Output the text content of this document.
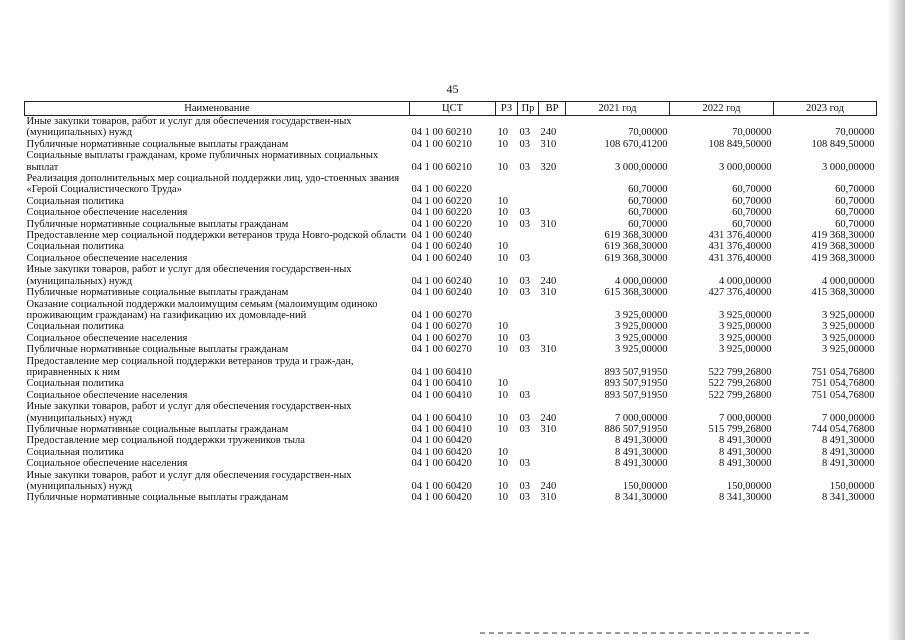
45
Наименование	ЦСТ	РЗ	Пр	ВР	2021 год	2022 год	2023 год
Иные закупки товаров, работ и услуг для обеспечения государствен-ных (муниципальных) нужд	04 1 00 60210	10	03	240	70,00000	70,00000	70,00000
Публичные нормативные социальные выплаты гражданам	04 1 00 60210	10	03	310	108 670,41200	108 849,50000	108 849,50000
Социальные выплаты гражданам, кроме публичных нормативных социальных выплат	04 1 00 60210	10	03	320	3 000,00000	3 000,00000	3 000,00000
Реализация дополнительных мер социальной поддержки лиц, удо-стоенных звания «Герой Социалистического Труда»	04 1 00 60220				60,70000	60,70000	60,70000
Социальная политика	04 1 00 60220	10			60,70000	60,70000	60,70000
Социальное обеспечение населения	04 1 00 60220	10	03		60,70000	60,70000	60,70000
Публичные нормативные социальные выплаты гражданам	04 1 00 60220	10	03	310	60,70000	60,70000	60,70000
Предоставление мер социальной поддержки ветеранов труда Новго-родской области	04 1 00 60240				619 368,30000	431 376,40000	419 368,30000
Социальная политика	04 1 00 60240	10			619 368,30000	431 376,40000	419 368,30000
Социальное обеспечение населения	04 1 00 60240	10	03		619 368,30000	431 376,40000	419 368,30000
Иные закупки товаров, работ и услуг для обеспечения государствен-ных (муниципальных) нужд	04 1 00 60240	10	03	240	4 000,00000	4 000,00000	4 000,00000
Публичные нормативные социальные выплаты гражданам	04 1 00 60240	10	03	310	615 368,30000	427 376,40000	415 368,30000
Оказание социальной поддержки малоимущим семьям (малоимущим одиноко проживающим гражданам) на газификацию их домовладе-ний	04 1 00 60270				3 925,00000	3 925,00000	3 925,00000
Социальная политика	04 1 00 60270	10			3 925,00000	3 925,00000	3 925,00000
Социальное обеспечение населения	04 1 00 60270	10	03		3 925,00000	3 925,00000	3 925,00000
Публичные нормативные социальные выплаты гражданам	04 1 00 60270	10	03	310	3 925,00000	3 925,00000	3 925,00000
Предоставление мер социальной поддержки ветеранов труда и граж-дан, приравненных к ним	04 1 00 60410				893 507,91950	522 799,26800	751 054,76800
Социальная политика	04 1 00 60410	10			893 507,91950	522 799,26800	751 054,76800
Социальное обеспечение населения	04 1 00 60410	10	03		893 507,91950	522 799,26800	751 054,76800
Иные закупки товаров, работ и услуг для обеспечения государствен-ных (муниципальных) нужд	04 1 00 60410	10	03	240	7 000,00000	7 000,00000	7 000,00000
Публичные нормативные социальные выплаты гражданам	04 1 00 60410	10	03	310	886 507,91950	515 799,26800	744 054,76800
Предоставление мер социальной поддержки тружеников тыла	04 1 00 60420				8 491,30000	8 491,30000	8 491,30000
Социальная политика	04 1 00 60420	10			8 491,30000	8 491,30000	8 491,30000
Социальное обеспечение населения	04 1 00 60420	10	03		8 491,30000	8 491,30000	8 491,30000
Иные закупки товаров, работ и услуг для обеспечения государствен-ных (муниципальных) нужд	04 1 00 60420	10	03	240	150,00000	150,00000	150,00000
Публичные нормативные социальные выплаты гражданам	04 1 00 60420	10	03	310	8 341,30000	8 341,30000	8 341,30000
